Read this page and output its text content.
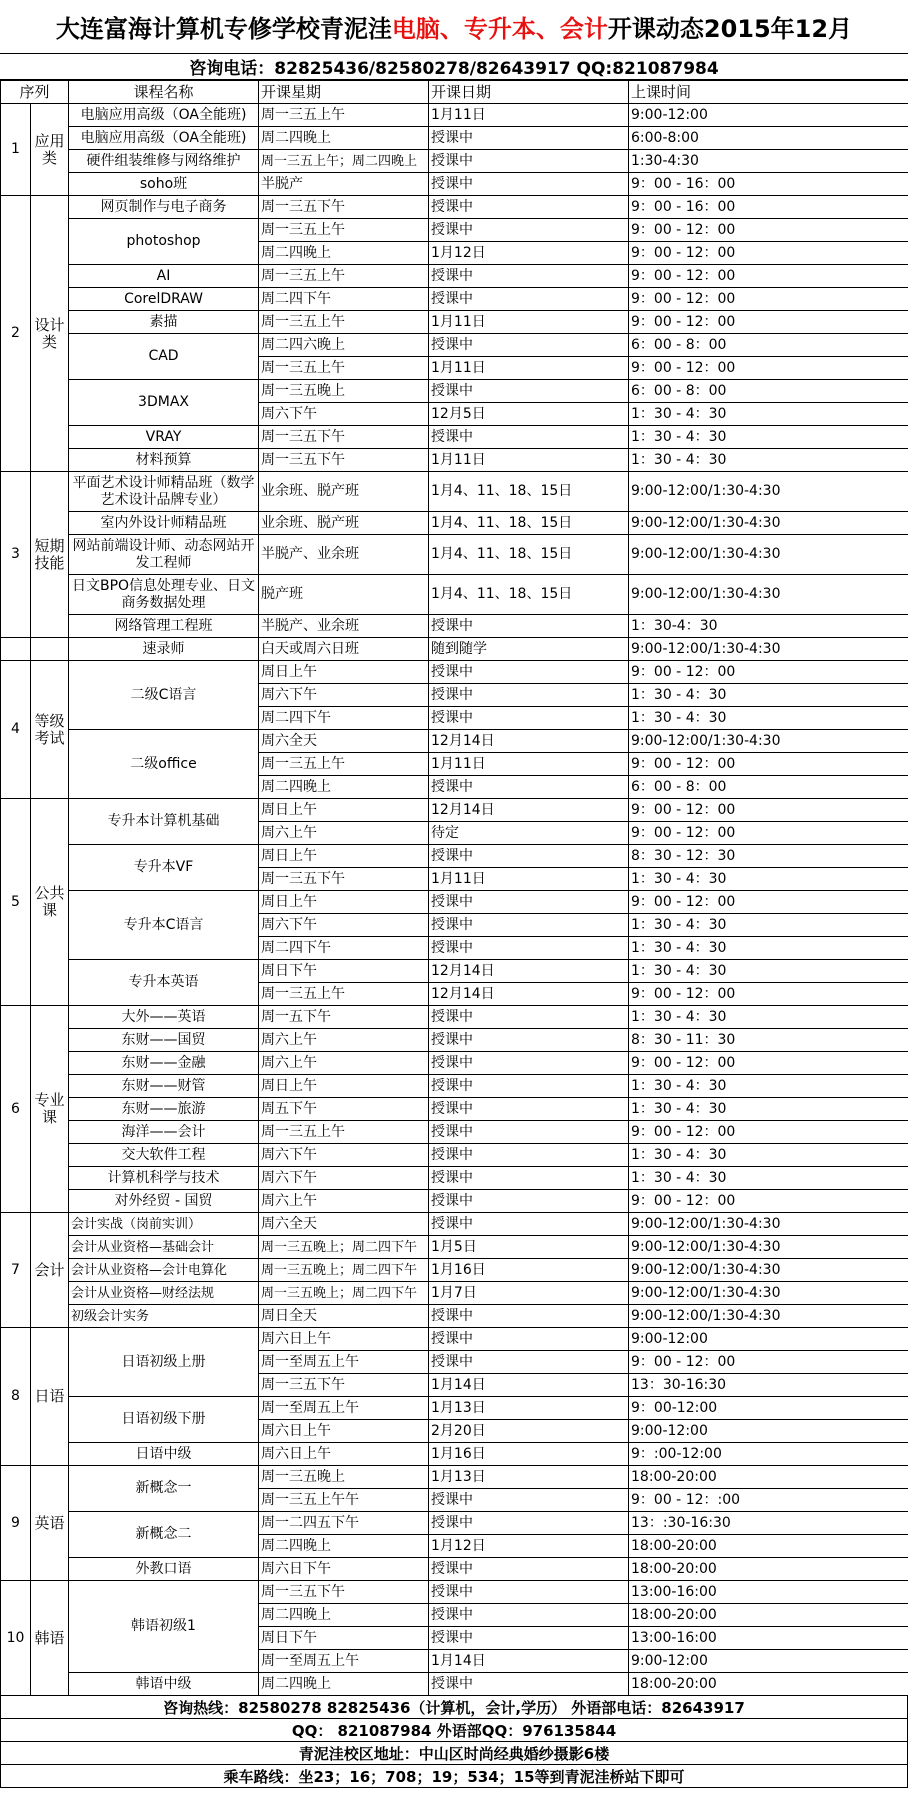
大连富海计算机专修学校青泥洼 电脑、专升本、会计 开课动态2015年12月
咨询电话：82825436/82580278/82643917 QQ:821087984
序列		课程名称	开课星期	开课日期	上课时间
1	应用类	电脑应用高级（OA全能班)	周一三五上午	1月11日	9:00-12:00
		电脑应用高级（OA全能班)	周二四晚上	授课中	6:00-8:00
		硬件组装维修与网络维护	周一三五上午；周二四晚上	授课中	1:30-4:30
		soho班	半脱产	授课中	9：00 - 16：00
2	设计类	网页制作与电子商务	周一三五下午	授课中	9：00 - 16：00
		photoshop	周一三五上午	授课中	9：00 - 12：00
			周二四晚上	1月12日	9：00 - 12：00
		AI	周一三五上午	授课中	9：00 - 12：00
		CorelDRAW	周二四下午	授课中	9：00 - 12：00
		素描	周一三五上午	1月11日	9：00 - 12：00
		CAD	周二四六晚上	授课中	6：00 - 8：00
			周一三五上午	1月11日	9：00 - 12：00
		3DMAX	周一三五晚上	授课中	6：00 - 8：00
			周六下午	12月5日	1：30 - 4：30
		VRAY	周一三五下午	授课中	1：30 - 4：30
		材料预算	周一三五下午	1月11日	1：30 - 4：30
3	短期技能	平面艺术设计师精品班（数学艺术设计品牌专业）	业余班、脱产班	1月4、11、18、15日	9:00-12:00/1:30-4:30
		室内外设计师精品班	业余班、脱产班	1月4、11、18、15日	9:00-12:00/1:30-4:30
		网站前端设计师、动态网站开发工程师	半脱产、业余班	1月4、11、18、15日	9:00-12:00/1:30-4:30
		日文BPO信息处理专业、日文商务数据处理	脱产班	1月4、11、18、15日	9:00-12:00/1:30-4:30
		网络管理工程班	半脱产、业余班	授课中	1：30-4：30
		速录师	白天或周六日班	随到随学	9:00-12:00/1:30-4:30
4	等级考试	二级C语言	周日上午	授课中	9：00 - 12：00
			周六下午	授课中	1：30 - 4：30
			周二四下午	授课中	1：30 - 4：30
		二级office	周六全天	12月14日	9:00-12:00/1:30-4:30
			周一三五上午	1月11日	9：00 - 12：00
			周二四晚上	授课中	6：00 - 8：00
5	公共课	专升本计算机基础	周日上午	12月14日	9：00 - 12：00
			周六上午	待定	9：00 - 12：00
		专升本VF	周日上午	授课中	8：30 - 12：30
			周一三五下午	1月11日	1：30 - 4：30
		专升本C语言	周日上午	授课中	9：00 - 12：00
			周六下午	授课中	1：30 - 4：30
			周二四下午	授课中	1：30 - 4：30
		专升本英语	周日下午	12月14日	1：30 - 4：30
			周一三五上午	12月14日	9：00 - 12：00
6	专业课	大外——英语	周一五下午	授课中	1：30 - 4：30
		东财——国贸	周六上午	授课中	8：30 - 11：30
		东财——金融	周六上午	授课中	9：00 - 12：00
		东财——财管	周日上午	授课中	1：30 - 4：30
		东财——旅游	周五下午	授课中	1：30 - 4：30
		海洋——会计	周一三五上午	授课中	9：00 - 12：00
		交大软件工程	周六下午	授课中	1：30 - 4：30
		计算机科学与技术	周六下午	授课中	1：30 - 4：30
		对外经贸 - 国贸	周六上午	授课中	9：00 - 12：00
7	会计	会计实战（岗前实训）	周六全天	授课中	9:00-12:00/1:30-4:30
		会计从业资格—基础会计	周一三五晚上；周二四下午	1月5日	9:00-12:00/1:30-4:30
		会计从业资格—会计电算化	周一三五晚上；周二四下午	1月16日	9:00-12:00/1:30-4:30
		会计从业资格—财经法规	周一三五晚上；周二四下午	1月7日	9:00-12:00/1:30-4:30
		初级会计实务	周日全天	授课中	9:00-12:00/1:30-4:30
8	日语	日语初级上册	周六日上午	授课中	9:00-12:00
			周一至周五上午	授课中	9：00 - 12：00
			周一三五下午	1月14日	13：30-16:30
		日语初级下册	周一至周五上午	1月13日	9：00-12:00
			周六日上午	2月20日	9:00-12:00
		日语中级	周六日上午	1月16日	9：:00-12:00
9	英语	新概念一	周一三五晚上	1月13日	18:00-20:00
			周一三五上午午	授课中	9：00 - 12：:00
		新概念二	周一二四五下午	授课中	13：:30-16:30
			周二四晚上	1月12日	18:00-20:00
		外教口语	周六日下午	授课中	18:00-20:00
10	韩语	韩语初级1	周一三五下午	授课中	13:00-16:00
			周二四晚上	授课中	18:00-20:00
			周日下午	授课中	13:00-16:00
			周一至周五上午	1月14日	9:00-12:00
		韩语中级	周二四晚上	授课中	18:00-20:00
咨询热线：82580278 82825436（计算机，会计,学历） 外语部电话：82643917
QQ： 821087984 外语部QQ：976135844
青泥洼校区地址：中山区时尚经典婚纱摄影6楼
乘车路线：坐23；16；708；19；534；15等到青泥洼桥站下即可
